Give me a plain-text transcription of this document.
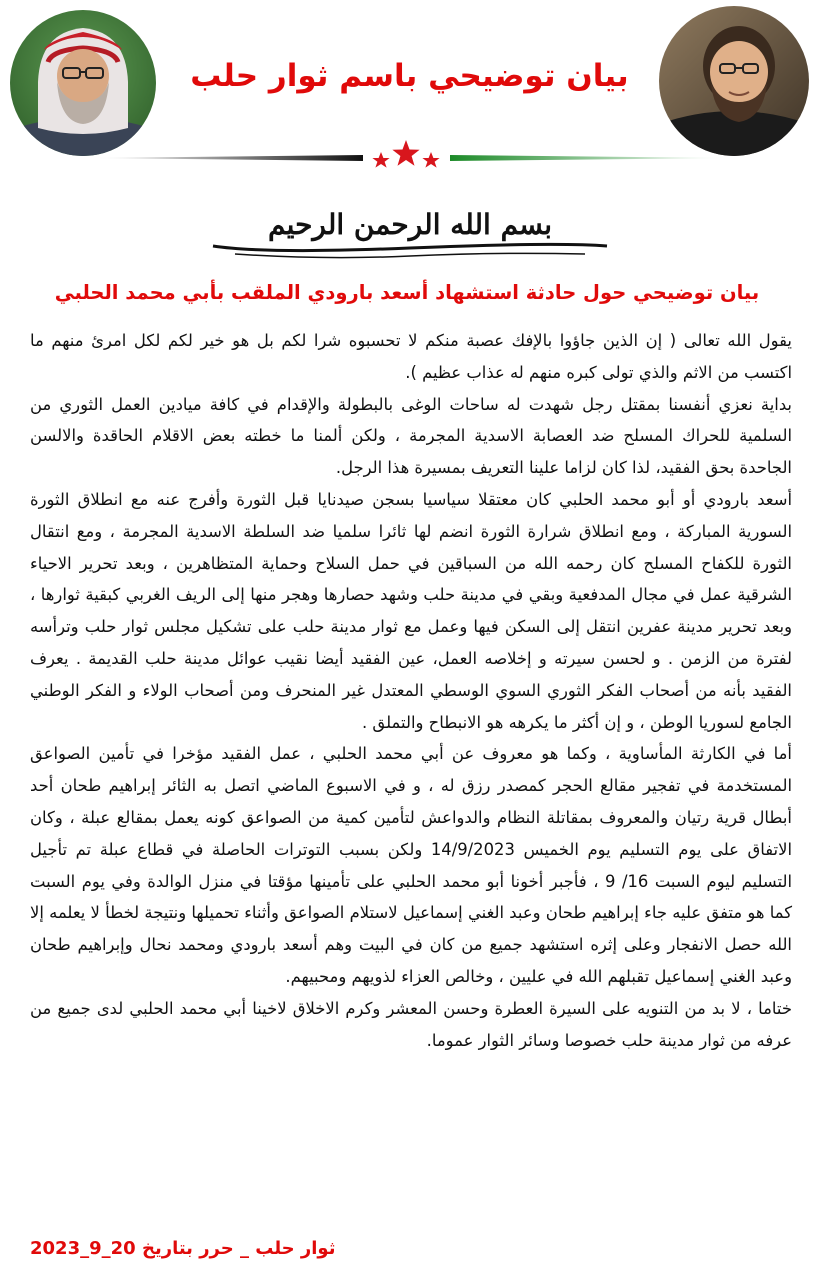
بيان توضيحي باسم ثوار حلب
بسم الله الرحمن الرحيم
بيان توضيحي حول حادثة استشهاد أسعد بارودي الملقب بأبي محمد الحلبي

يقول الله تعالى ( إن الذين جاؤوا بالإفك عصبة منكم لا تحسبوه شرا لكم بل هو خير لكم لكل امرئ منهم ما اكتسب من الاثم والذي تولى كبره منهم له عذاب عظيم ).

بداية نعزي أنفسنا بمقتل رجل شهدت له ساحات الوغى بالبطولة والإقدام في كافة ميادين العمل الثوري من السلمية للحراك المسلح ضد العصابة الاسدية المجرمة ، ولكن ألمنا ما خطته بعض الاقلام الحاقدة والالسن الجاحدة بحق الفقيد، لذا كان لزاما علينا التعريف بمسيرة هذا الرجل.

أسعد بارودي أو أبو محمد الحلبي كان معتقلا سياسيا بسجن صيدنايا قبل الثورة وأفرج عنه مع انطلاق الثورة السورية المباركة ، ومع انطلاق شرارة الثورة انضم لها ثائرا سلميا ضد السلطة الاسدية المجرمة ، ومع انتقال الثورة للكفاح المسلح كان رحمه الله من السباقين في حمل السلاح وحماية المتظاهرين ، وبعد تحرير الاحياء الشرقية عمل في مجال المدفعية وبقي في مدينة حلب وشهد حصارها وهجر منها إلى الريف الغربي كبقية ثوارها ، وبعد تحرير مدينة عفرين انتقل إلى السكن فيها وعمل مع ثوار مدينة حلب على تشكيل مجلس ثوار حلب وترأسه لفترة من الزمن . و لحسن سيرته و إخلاصه العمل، عين الفقيد أيضا نقيب عوائل مدينة حلب القديمة . يعرف الفقيد بأنه من أصحاب الفكر الثوري السوي الوسطي المعتدل غير المنحرف ومن أصحاب الولاء و الفكر الوطني الجامع لسوريا الوطن ، و إن أكثر ما يكرهه هو الانبطاح والتملق .

أما في الكارثة المأساوية ، وكما هو معروف عن أبي محمد الحلبي ، عمل الفقيد مؤخرا في تأمين الصواعق المستخدمة في تفجير مقالع الحجر كمصدر رزق له ، و في الاسبوع الماضي اتصل به الثائر إبراهيم طحان أحد أبطال قرية رتيان والمعروف بمقاتلة النظام والدواعش لتأمين كمية من الصواعق كونه يعمل بمقالع عبلة ، وكان الاتفاق على يوم التسليم يوم الخميس 14/9/2023 ولكن بسبب التوترات الحاصلة في قطاع عبلة تم تأجيل التسليم ليوم السبت 16/ 9 ، فأجبر أخونا أبو محمد الحلبي على تأمينها مؤقتا في منزل الوالدة وفي يوم السبت كما هو متفق عليه جاء إبراهيم طحان وعبد الغني إسماعيل لاستلام الصواعق وأثناء تحميلها ونتيجة لخطأ لا يعلمه إلا الله حصل الانفجار وعلى إثره استشهد جميع من كان في البيت وهم أسعد بارودي ومحمد نحال وإبراهيم طحان وعبد الغني إسماعيل تقبلهم الله في عليين ، وخالص العزاء لذويهم ومحبيهم.

ختاما ، لا بد من التنويه على السيرة العطرة وحسن المعشر وكرم الاخلاق لاخينا أبي محمد الحلبي لدى جميع من عرفه من ثوار مدينة حلب خصوصا وسائر الثوار عموما.

ثوار حلب _ حرر بتاريخ 20_9_2023
